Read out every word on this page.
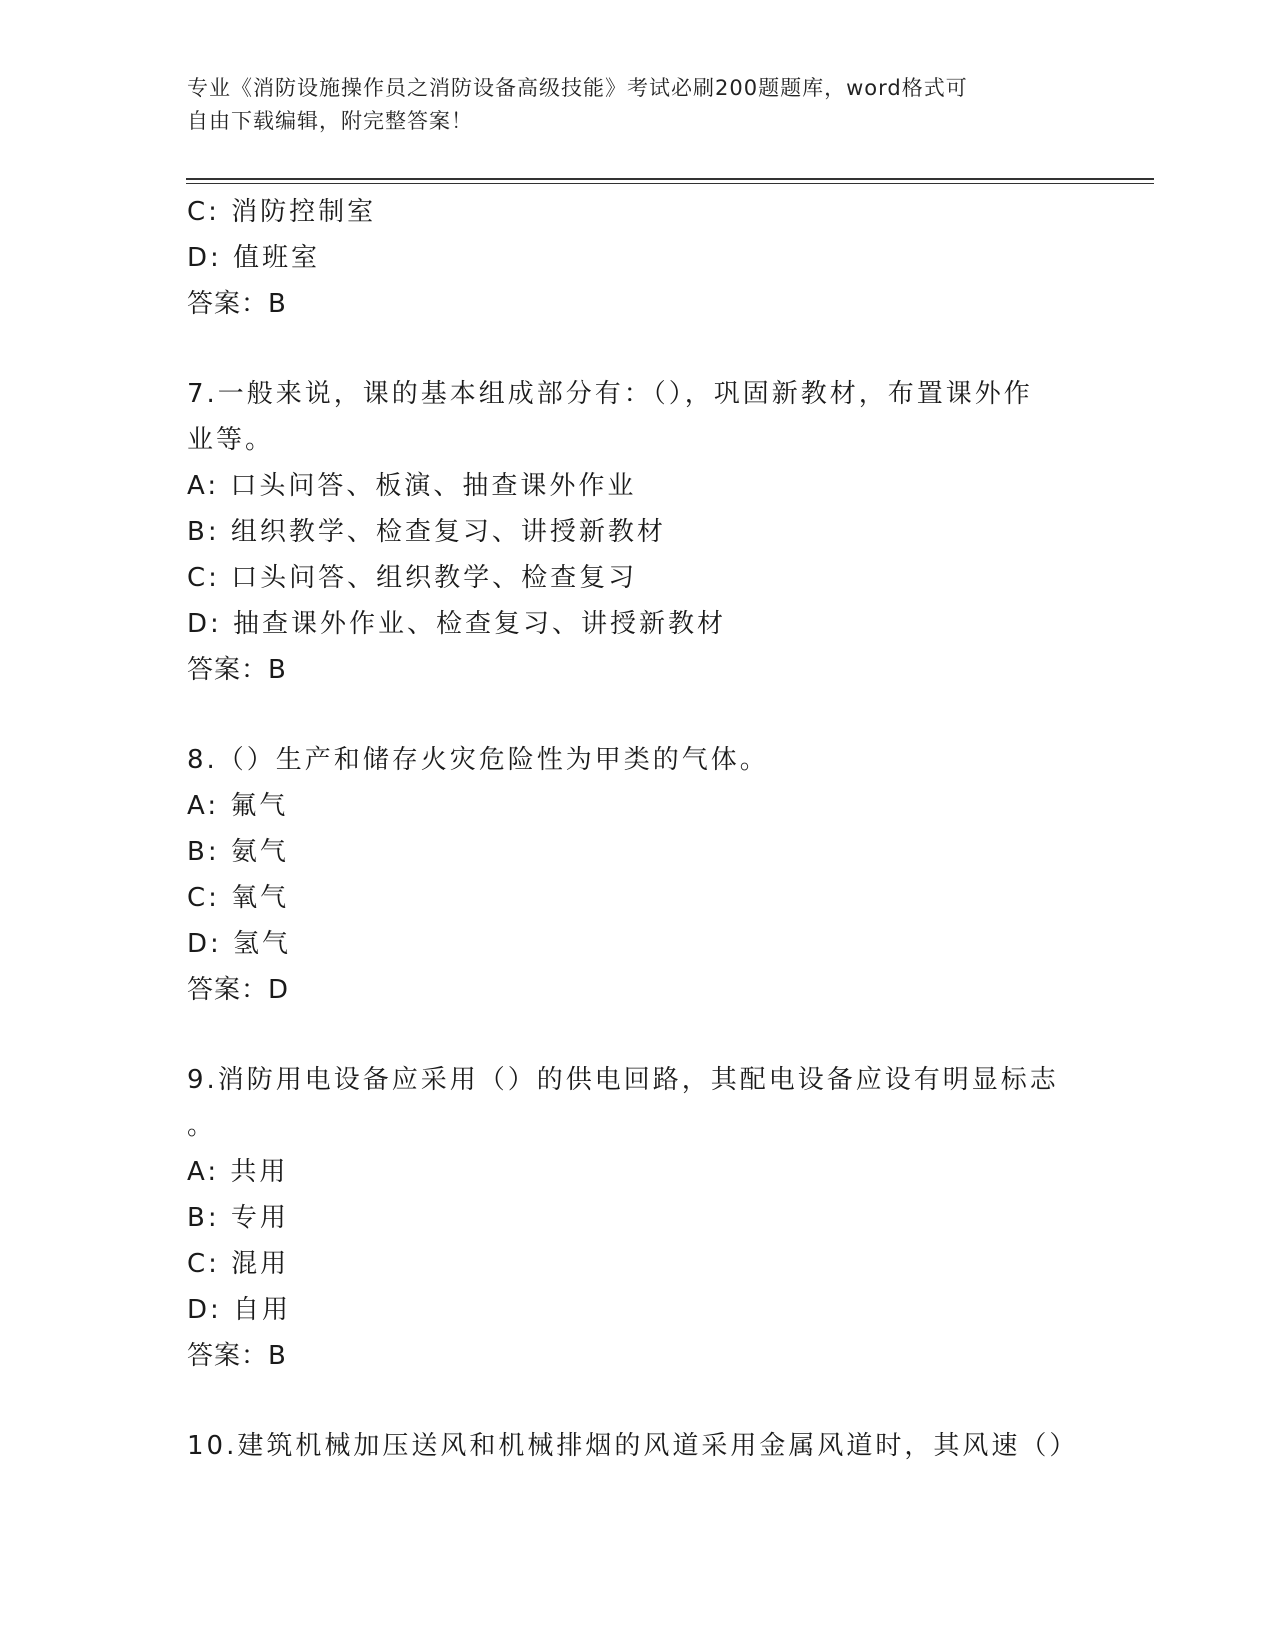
专业《消防设施操作员之消防设备高级技能》考试必刷200题题库，word格式可
自由下载编辑，附完整答案！
C: 消防控制室
D: 值班室
答案：B
7.一般来说，课的基本组成部分有：（），巩固新教材，布置课外作
业等。
A: 口头问答、板演、抽查课外作业
B: 组织教学、检查复习、讲授新教材
C: 口头问答、组织教学、检查复习
D: 抽查课外作业、检查复习、讲授新教材
答案：B
8.（）生产和储存火灾危险性为甲类的气体。
A: 氟气
B: 氨气
C: 氧气
D: 氢气
答案：D
9.消防用电设备应采用（）的供电回路，其配电设备应设有明显标志
。
A: 共用
B: 专用
C: 混用
D: 自用
答案：B
10.建筑机械加压送风和机械排烟的风道采用金属风道时，其风速（）
